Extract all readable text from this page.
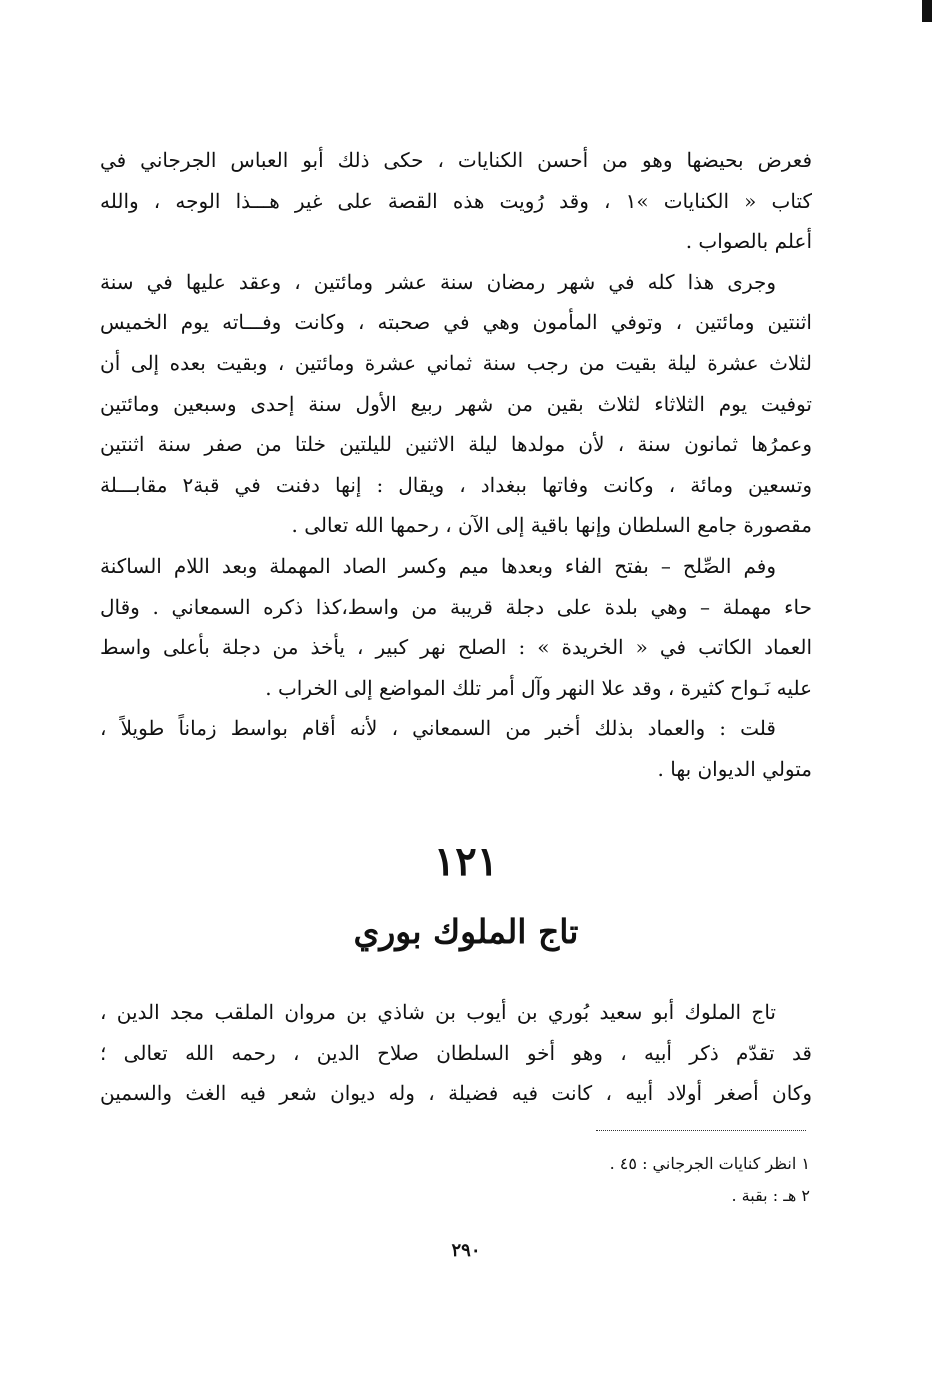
فعرض بحيضها وهو من أحسن الكنايات ، حكى ذلك أبو العباس الجرجاني في
كتاب « الكنايات »١ ، وقد رُويت هذه القصة على غير هـــذا الوجه ، والله
أعلم بالصواب .
وجرى هذا كله في شهر رمضان سنة عشر ومائتين ، وعقد عليها في سنة
اثنتين ومائتين ، وتوفي المأمون وهي في صحبته ، وكانت وفـــاته يوم الخميس
لثلاث عشرة ليلة بقيت من رجب سنة ثماني عشرة ومائتين ، وبقيت بعده إلى أن
توفيت يوم الثلاثاء لثلاث بقين من شهر ربيع الأول سنة إحدى وسبعين ومائتين
وعمرُها ثمانون سنة ، لأن مولدها ليلة الاثنين لليلتين خلتا من صفر سنة اثنتين
وتسعين ومائة ، وكانت وفاتها ببغداد ، ويقال : إنها دفنت في قبة٢ مقابـــلة
مقصورة جامع السلطان وإنها باقية إلى الآن ، رحمها الله تعالى .
وفم الصِّلح – بفتح الفاء وبعدها ميم وكسر الصاد المهملة وبعد اللام الساكنة
حاء مهملة – وهي بلدة على دجلة قريبة من واسط،كذا ذكره السمعاني . وقال
العماد الكاتب في « الخريدة » : الصلح نهر كبير ، يأخذ من دجلة بأعلى واسط
عليه نَـواح كثيرة ، وقد علا النهر وآل أمر تلك المواضع إلى الخراب .
قلت : والعماد بذلك أخبر من السمعاني ، لأنه أقام بواسط زماناً طويلاً ،
متولي الديوان بها .
١٢١
تاج الملوك بوري
تاج الملوك أبو سعيد بُوري بن أيوب بن شاذي بن مروان الملقب مجد الدين ،
قد تقدّم ذكر أبيه ، وهو أخو السلطان صلاح الدين ، رحمه الله تعالى ؛
وكان أصغر أولاد أبيه ، كانت فيه فضيلة ، وله ديوان شعر فيه الغث والسمين
١ انظر كنايات الجرجاني : ٤٥ .
٢ هـ : بقبة .
٢٩٠
